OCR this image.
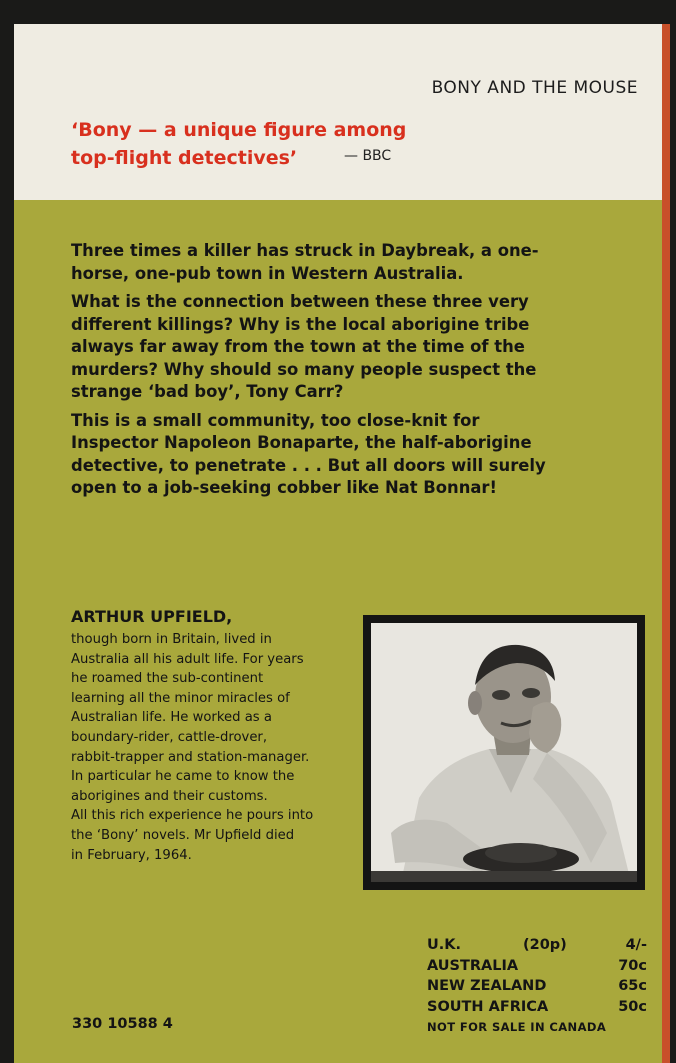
BONY AND THE MOUSE
‘Bony — a unique figure among
top-flight detectives’	— BBC

Three times a killer has struck in Daybreak, a one-horse, one-pub town in Western Australia.

What is the connection between these three very different killings? Why is the local aborigine tribe always far away from the town at the time of the murders? Why should so many people suspect the strange ‘bad boy’, Tony Carr?

This is a small community, too close-knit for Inspector Napoleon Bonaparte, the half-aborigine detective, to penetrate . . . But all doors will surely open to a job-seeking cobber like Nat Bonnar!

ARTHUR UPFIELD,

though born in Britain, lived in

Australia all his adult life. For years

he roamed the sub-continent

learning all the minor miracles of

Australian life. He worked as a

boundary-rider, cattle-drover,

rabbit-trapper and station-manager.

In particular he came to know the

aborigines and their customs.

All this rich experience he pours into

the ‘Bony’ novels. Mr Upfield died

in February, 1964.

U.K.	(20p)	4/-
AUSTRALIA	70c
NEW ZEALAND	65c
SOUTH AFRICA	50c
NOT FOR SALE IN CANADA
330 10588 4
